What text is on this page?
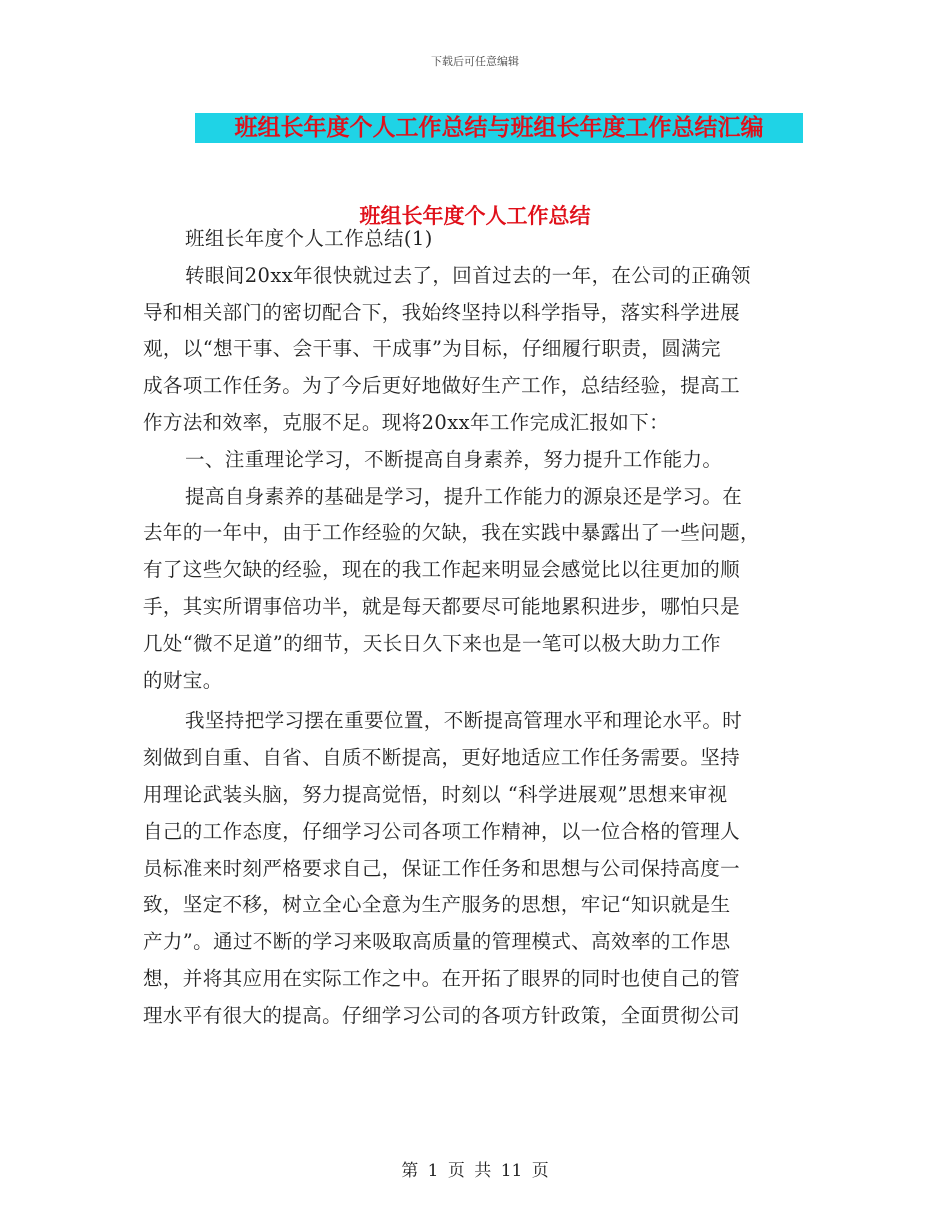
下载后可任意编辑
班组长年度个人工作总结与班组长年度工作总结汇编
班组长年度个人工作总结
班组长年度个人工作总结(1)
转眼间20xx年很快就过去了，回首过去的一年，在公司的正确领
导和相关部门的密切配合下，我始终坚持以科学指导，落实科学进展
观，以“想干事、会干事、干成事”为目标，仔细履行职责，圆满完
成各项工作任务。为了今后更好地做好生产工作，总结经验，提高工
作方法和效率，克服不足。现将20xx年工作完成汇报如下：
一、注重理论学习，不断提高自身素养，努力提升工作能力。
提高自身素养的基础是学习，提升工作能力的源泉还是学习。在
去年的一年中，由于工作经验的欠缺，我在实践中暴露出了一些问题，
有了这些欠缺的经验，现在的我工作起来明显会感觉比以往更加的顺
手，其实所谓事倍功半，就是每天都要尽可能地累积进步，哪怕只是
几处“微不足道”的细节，天长日久下来也是一笔可以极大助力工作
的财宝。
我坚持把学习摆在重要位置，不断提高管理水平和理论水平。时
刻做到自重、自省、自质不断提高，更好地适应工作任务需要。坚持
用理论武装头脑，努力提高觉悟，时刻以 “科学进展观”思想来审视
自己的工作态度，仔细学习公司各项工作精神，以一位合格的管理人
员标准来时刻严格要求自己，保证工作任务和思想与公司保持高度一
致，坚定不移，树立全心全意为生产服务的思想，牢记“知识就是生
产力”。通过不断的学习来吸取高质量的管理模式、高效率的工作思
想，并将其应用在实际工作之中。在开拓了眼界的同时也使自己的管
理水平有很大的提高。仔细学习公司的各项方针政策，全面贯彻公司
第 1 页 共 11 页
